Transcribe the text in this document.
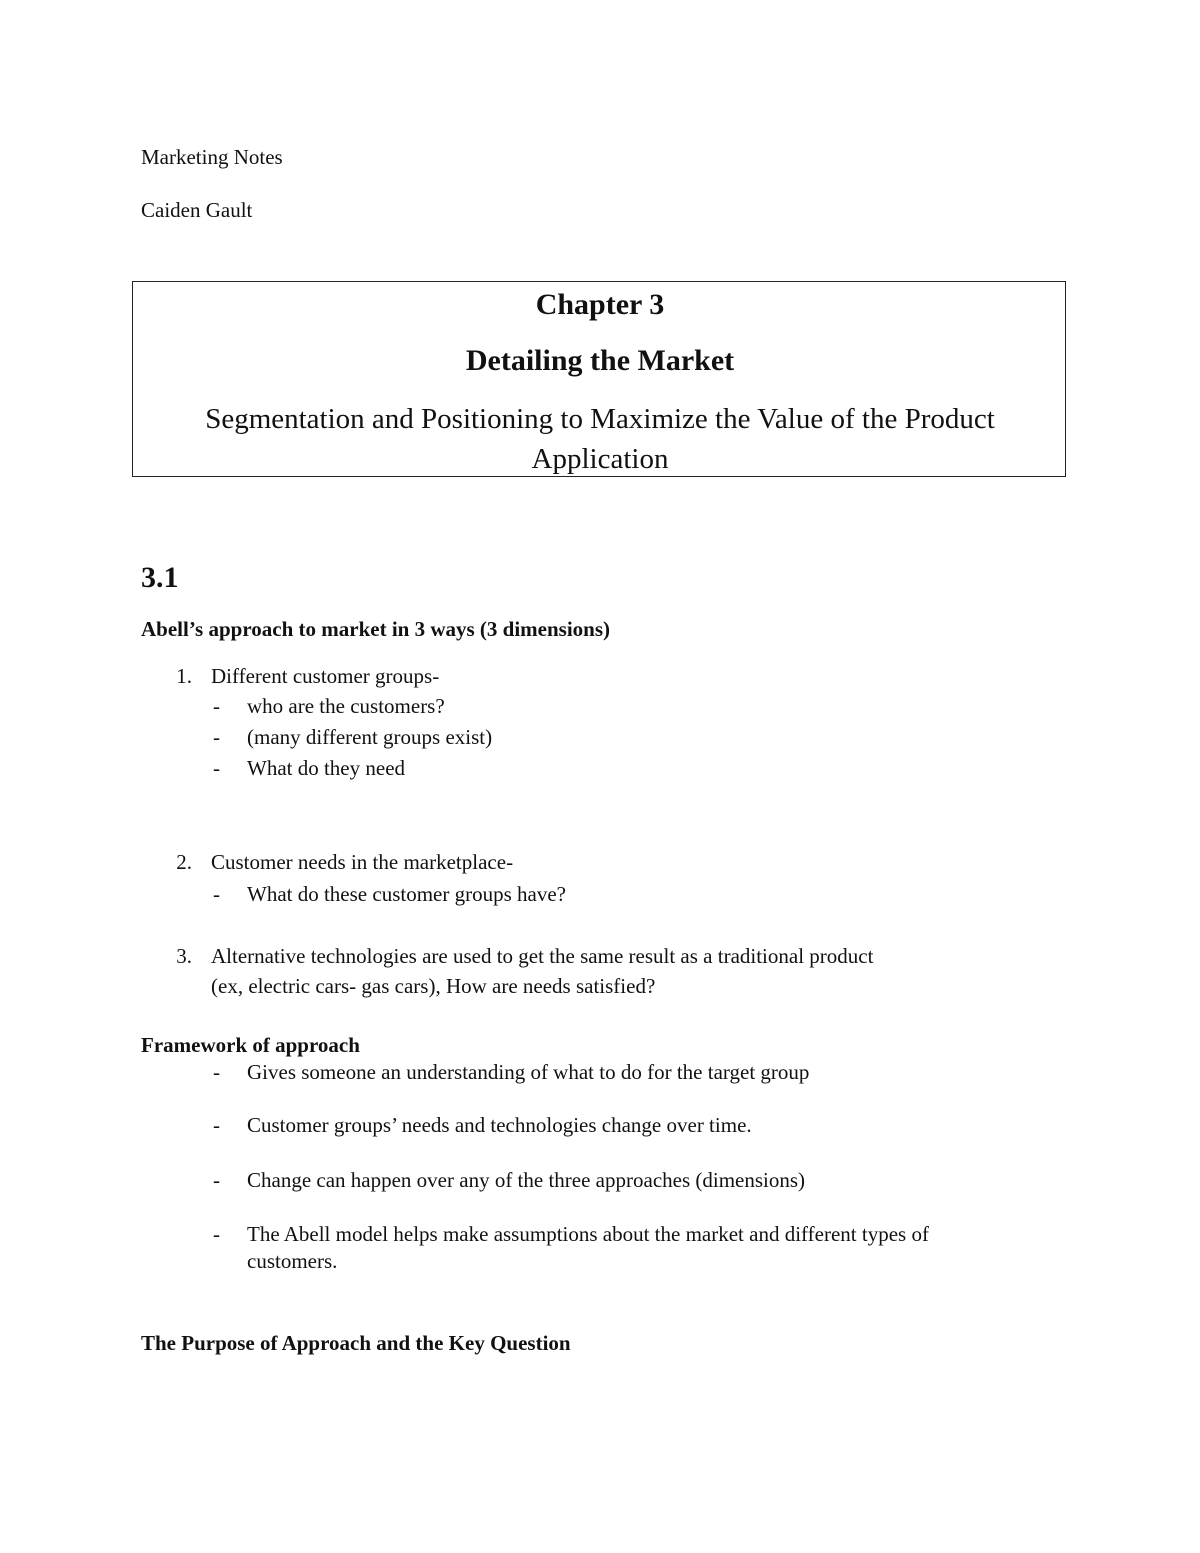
Marketing Notes
Caiden Gault
Chapter 3
Detailing the Market
Segmentation and Positioning to Maximize the Value of the Product Application
3.1
Abell’s approach to market in 3 ways (3 dimensions)
1. Different customer groups-
- who are the customers?
- (many different groups exist)
- What do they need
2. Customer needs in the marketplace-
- What do these customer groups have?
3. Alternative technologies are used to get the same result as a traditional product
(ex, electric cars- gas cars), How are needs satisfied?
Framework of approach
- Gives someone an understanding of what to do for the target group
- Customer groups’ needs and technologies change over time.
- Change can happen over any of the three approaches (dimensions)
- The Abell model helps make assumptions about the market and different types of
customers.
The Purpose of Approach and the Key Question
